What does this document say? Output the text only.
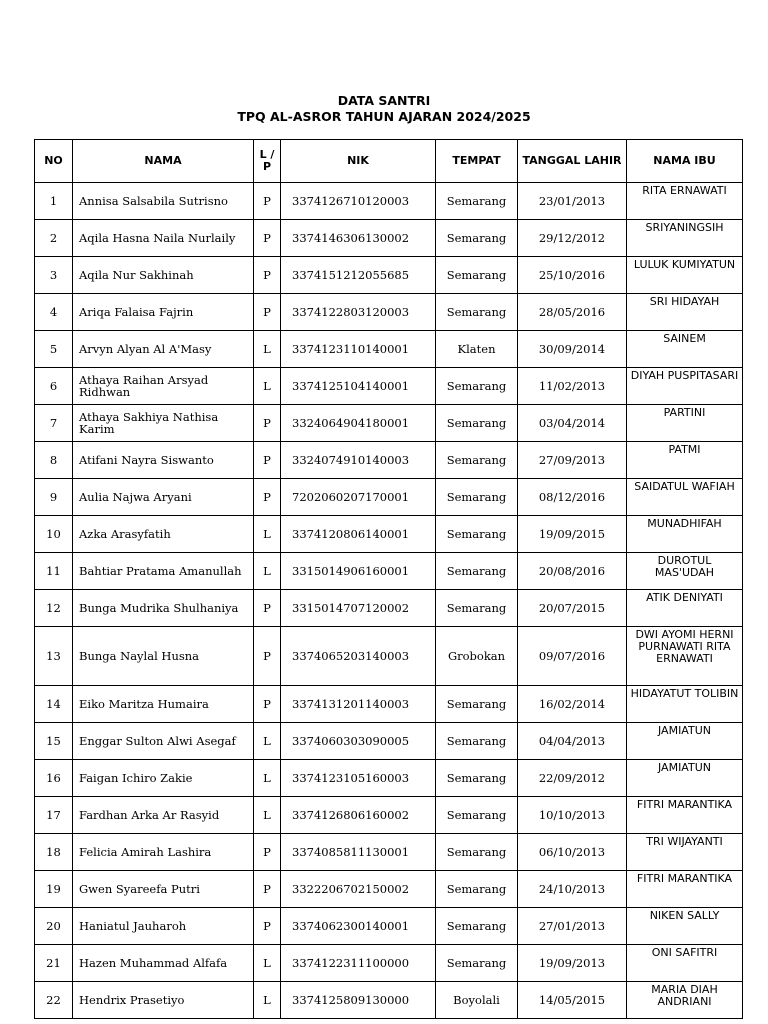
DATA SANTRI
TPQ AL-ASROR TAHUN AJARAN 2024/2025
NO	NAMA	L / P	NIK	TEMPAT	TANGGAL LAHIR	NAMA IBU
1	Annisa Salsabila Sutrisno	P	3374126710120003	Semarang	23/01/2013	RITA ERNAWATI
2	Aqila Hasna Naila Nurlaily	P	3374146306130002	Semarang	29/12/2012	SRIYANINGSIH
3	Aqila Nur Sakhinah	P	3374151212055685	Semarang	25/10/2016	LULUK KUMIYATUN
4	Ariqa Falaisa Fajrin	P	3374122803120003	Semarang	28/05/2016	SRI HIDAYAH
5	Arvyn Alyan Al A'Masy	L	3374123110140001	Klaten	30/09/2014	SAINEM
6	Athaya Raihan Arsyad Ridhwan	L	3374125104140001	Semarang	11/02/2013	DIYAH PUSPITASARI
7	Athaya Sakhiya Nathisa Karim	P	3324064904180001	Semarang	03/04/2014	PARTINI
8	Atifani Nayra Siswanto	P	3324074910140003	Semarang	27/09/2013	PATMI
9	Aulia Najwa Aryani	P	7202060207170001	Semarang	08/12/2016	SAIDATUL WAFIAH
10	Azka Arasyfatih	L	3374120806140001	Semarang	19/09/2015	MUNADHIFAH
11	Bahtiar Pratama Amanullah	L	3315014906160001	Semarang	20/08/2016	DUROTUL MAS'UDAH
12	Bunga Mudrika Shulhaniya	P	3315014707120002	Semarang	20/07/2015	ATIK DENIYATI
13	Bunga Naylal Husna	P	3374065203140003	Grobokan	09/07/2016	DWI AYOMI HERNI PURNAWATI RITA ERNAWATI
14	Eiko Maritza Humaira	P	3374131201140003	Semarang	16/02/2014	HIDAYATUT TOLIBIN
15	Enggar Sulton Alwi Asegaf	L	3374060303090005	Semarang	04/04/2013	JAMIATUN
16	Faigan Ichiro Zakie	L	3374123105160003	Semarang	22/09/2012	JAMIATUN
17	Fardhan Arka Ar Rasyid	L	3374126806160002	Semarang	10/10/2013	FITRI MARANTIKA
18	Felicia Amirah Lashira	P	3374085811130001	Semarang	06/10/2013	TRI WIJAYANTI
19	Gwen Syareefa Putri	P	3322206702150002	Semarang	24/10/2013	FITRI MARANTIKA
20	Haniatul Jauharoh	P	3374062300140001	Semarang	27/01/2013	NIKEN SALLY
21	Hazen Muhammad Alfafa	L	3374122311100000	Semarang	19/09/2013	ONI SAFITRI
22	Hendrix Prasetiyo	L	3374125809130000	Boyolali	14/05/2015	MARIA DIAH ANDRIANI
